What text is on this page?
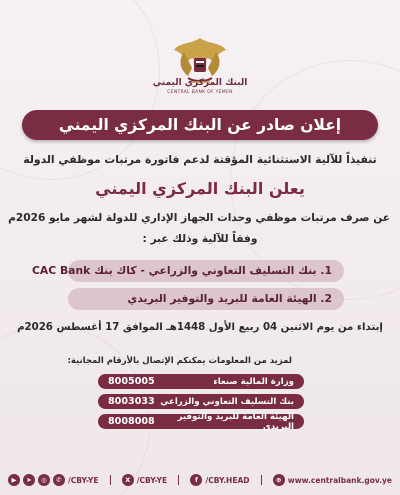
البنك المركزي اليمني
CENTRAL BANK OF YEMEN
إعلان صادر عن البنك المركزي اليمني
تنفيذاً للآلية الاستثنائية المؤقتة لدعم فاتورة مرتبات موظفي الدولة
يعلن البنك المركزي اليمني
عن صرف مرتبات موظفي وحدات الجهاز الإداري للدولة لشهر مايو 2026م
وفقاً للآلية وذلك عبر :
1. بنك التسليف التعاوني والزراعي - كاك بنك CAC Bank
2. الهيئة العامة للبريد والتوفير البريدي
إبتداء من يوم الاثنين 04 ربيع الأول 1448هـ الموافق 17 أغسطس 2026م
لمزيد من المعلومات يمكنكم الإتصال بالأرقام المجانية:
وزارة المالية صنعاء
8005005
بنك التسليف التعاوني والزراعي
8003033
الهيئة العامة للبريد والتوفير البريدي
8008008
▶	➤	◎	✆ /CBY-YE	X /CBY-YE	f	/CBY.HEAD	⊕ www.centralbank.gov.ye
